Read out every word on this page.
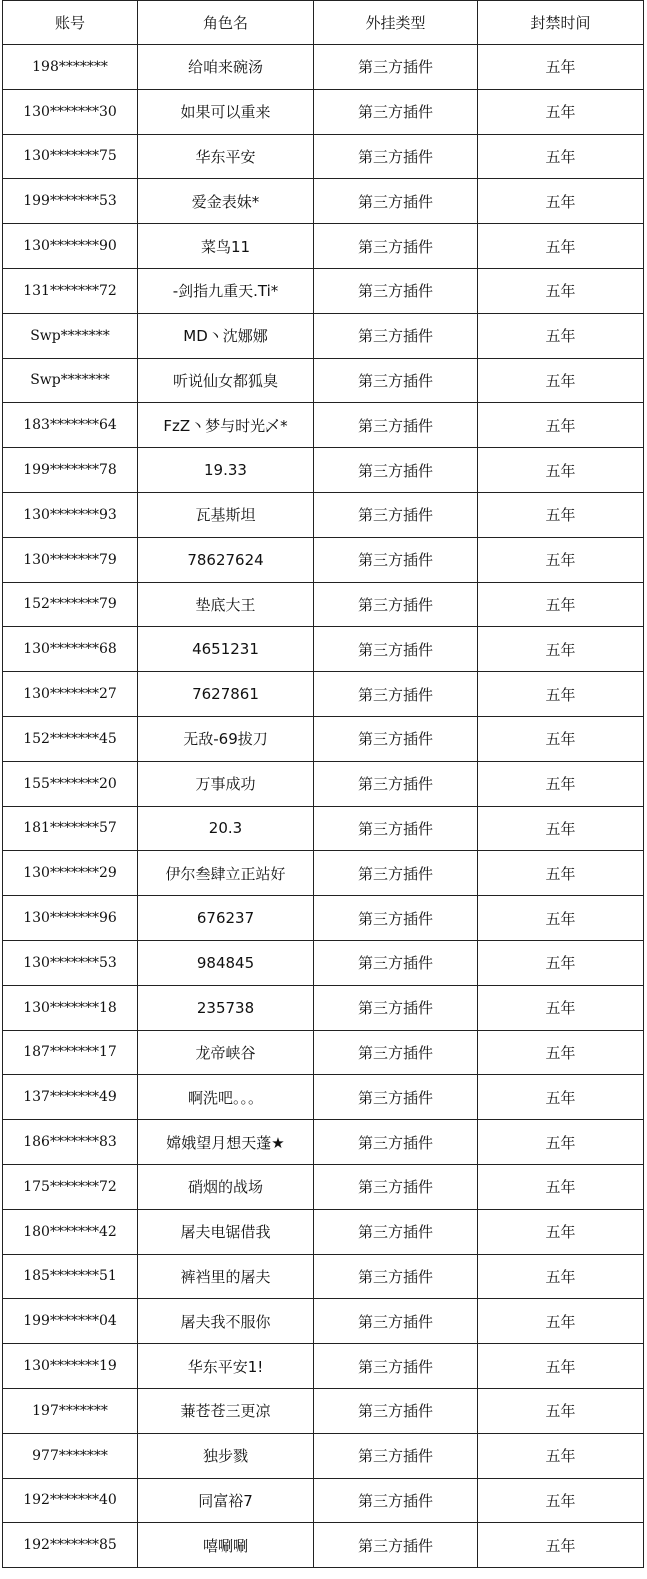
账号	角色名	外挂类型	封禁时间
198*******	给咱来碗汤	第三方插件	五年
130*******30	如果可以重来	第三方插件	五年
130*******75	华东平安	第三方插件	五年
199*******53	爱金表妹*	第三方插件	五年
130*******90	菜鸟11	第三方插件	五年
131*******72	-剑指九重天.Ti*	第三方插件	五年
Swp*******	MD丶沈娜娜	第三方插件	五年
Swp*******	听说仙女都狐臭	第三方插件	五年
183*******64	FzZ丶梦与时光乄*	第三方插件	五年
199*******78	19.33	第三方插件	五年
130*******93	瓦基斯坦	第三方插件	五年
130*******79	78627624	第三方插件	五年
152*******79	垫底大王	第三方插件	五年
130*******68	4651231	第三方插件	五年
130*******27	7627861	第三方插件	五年
152*******45	无敌-69拔刀	第三方插件	五年
155*******20	万事成功	第三方插件	五年
181*******57	20.3	第三方插件	五年
130*******29	伊尔叁肆立正站好	第三方插件	五年
130*******96	676237	第三方插件	五年
130*******53	984845	第三方插件	五年
130*******18	235738	第三方插件	五年
187*******17	龙帝峡谷	第三方插件	五年
137*******49	啊洗吧。。。	第三方插件	五年
186*******83	嫦娥望月想天蓬★	第三方插件	五年
175*******72	硝烟的战场	第三方插件	五年
180*******42	屠夫电锯借我	第三方插件	五年
185*******51	裤裆里的屠夫	第三方插件	五年
199*******04	屠夫我不服你	第三方插件	五年
130*******19	华东平安1!	第三方插件	五年
197*******	蒹苍苍三更凉	第三方插件	五年
977*******	独步戮	第三方插件	五年
192*******40	同富裕7	第三方插件	五年
192*******85	嘻唰唰	第三方插件	五年
